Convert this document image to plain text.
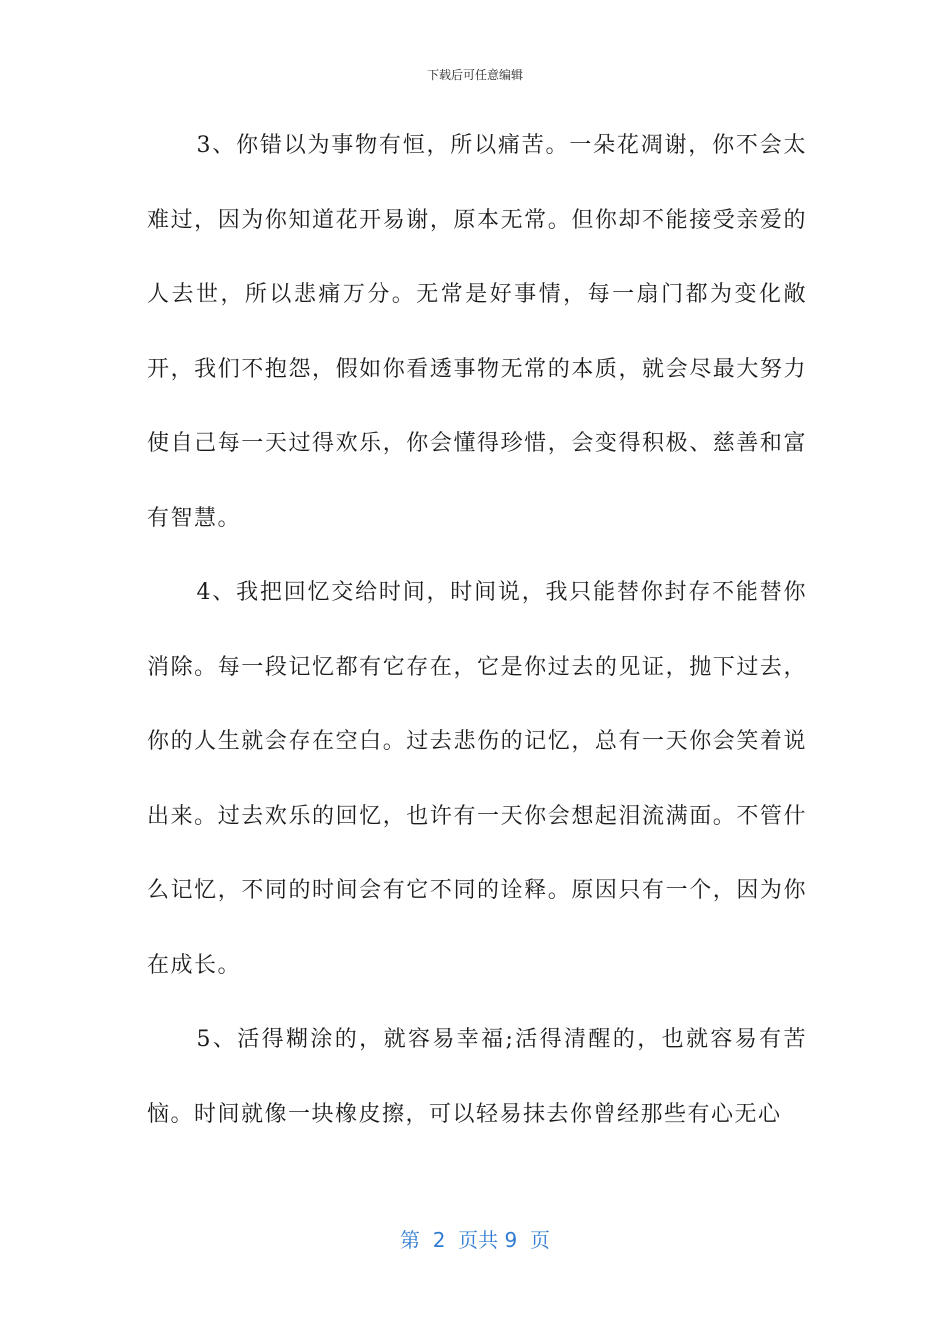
下载后可任意编辑

3、你错以为事物有恒，所以痛苦。一朵花凋谢，你不会太难过，因为你知道花开易谢，原本无常。但你却不能接受亲爱的人去世，所以悲痛万分。无常是好事情，每一扇门都为变化敞开，我们不抱怨，假如你看透事物无常的本质，就会尽最大努力使自己每一天过得欢乐，你会懂得珍惜，会变得积极、慈善和富有智慧。

4、我把回忆交给时间，时间说，我只能替你封存不能替你消除。每一段记忆都有它存在，它是你过去的见证，抛下过去，你的人生就会存在空白。过去悲伤的记忆，总有一天你会笑着说出来。过去欢乐的回忆，也许有一天你会想起泪流满面。不管什么记忆，不同的时间会有它不同的诠释。原因只有一个，因为你在成长。

5、活得糊涂的，就容易幸福;活得清醒的，也就容易有苦恼。时间就像一块橡皮擦，可以轻易抹去你曾经那些有心无心

第  2  页共 9  页
